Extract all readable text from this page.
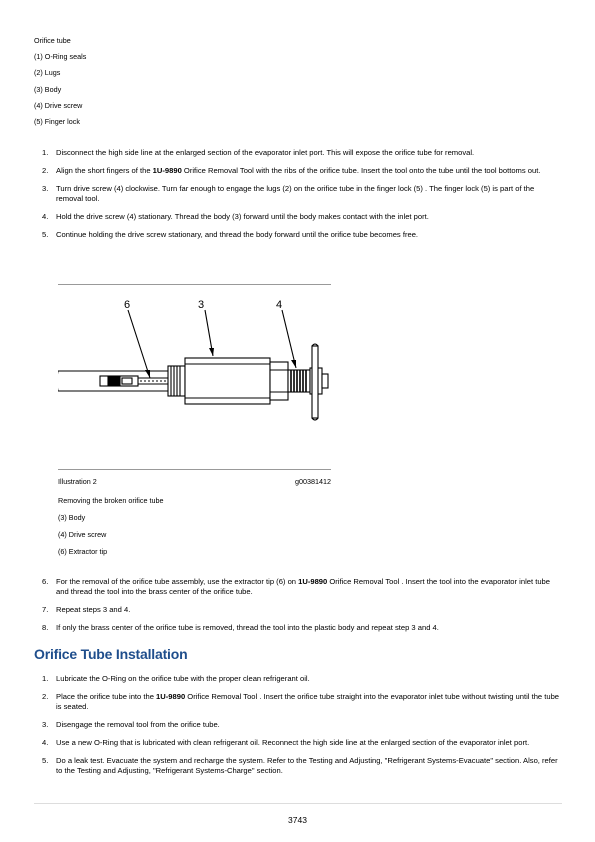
Orifice tube
(1) O-Ring seals
(2) Lugs
(3) Body
(4) Drive screw
(5) Finger lock
1. Disconnect the high side line at the enlarged section of the evaporator inlet port. This will expose the orifice tube for removal.
2. Align the short fingers of the 1U-9890 Orifice Removal Tool with the ribs of the orifice tube. Insert the tool onto the tube until the tool bottoms out.
3. Turn drive screw (4) clockwise. Turn far enough to engage the lugs (2) on the orifice tube in the finger lock (5) . The finger lock (5) is part of the removal tool.
4. Hold the drive screw (4) stationary. Thread the body (3) forward until the body makes contact with the inlet port.
5. Continue holding the drive screw stationary, and thread the body forward until the orifice tube becomes free.
6	3	4
Illustration 2	g00381412
Removing the broken orifice tube
(3) Body
(4) Drive screw
(6) Extractor tip
6. For the removal of the orifice tube assembly, use the extractor tip (6) on 1U-9890 Orifice Removal Tool . Insert the tool into the evaporator inlet tube and thread the tool into the brass center of the orifice tube.
7. Repeat steps 3 and 4.
8. If only the brass center of the orifice tube is removed, thread the tool into the plastic body and repeat step 3 and 4.
Orifice Tube Installation
1. Lubricate the O-Ring on the orifice tube with the proper clean refrigerant oil.
2. Place the orifice tube into the 1U-9890 Orifice Removal Tool . Insert the orifice tube straight into the evaporator inlet tube without twisting until the tube is seated.
3. Disengage the removal tool from the orifice tube.
4. Use a new O-Ring that is lubricated with clean refrigerant oil. Reconnect the high side line at the enlarged section of the evaporator inlet port.
5. Do a leak test. Evacuate the system and recharge the system. Refer to the Testing and Adjusting, "Refrigerant Systems-Evacuate" section. Also, refer to the Testing and Adjusting, "Refrigerant Systems-Charge" section.
3743
